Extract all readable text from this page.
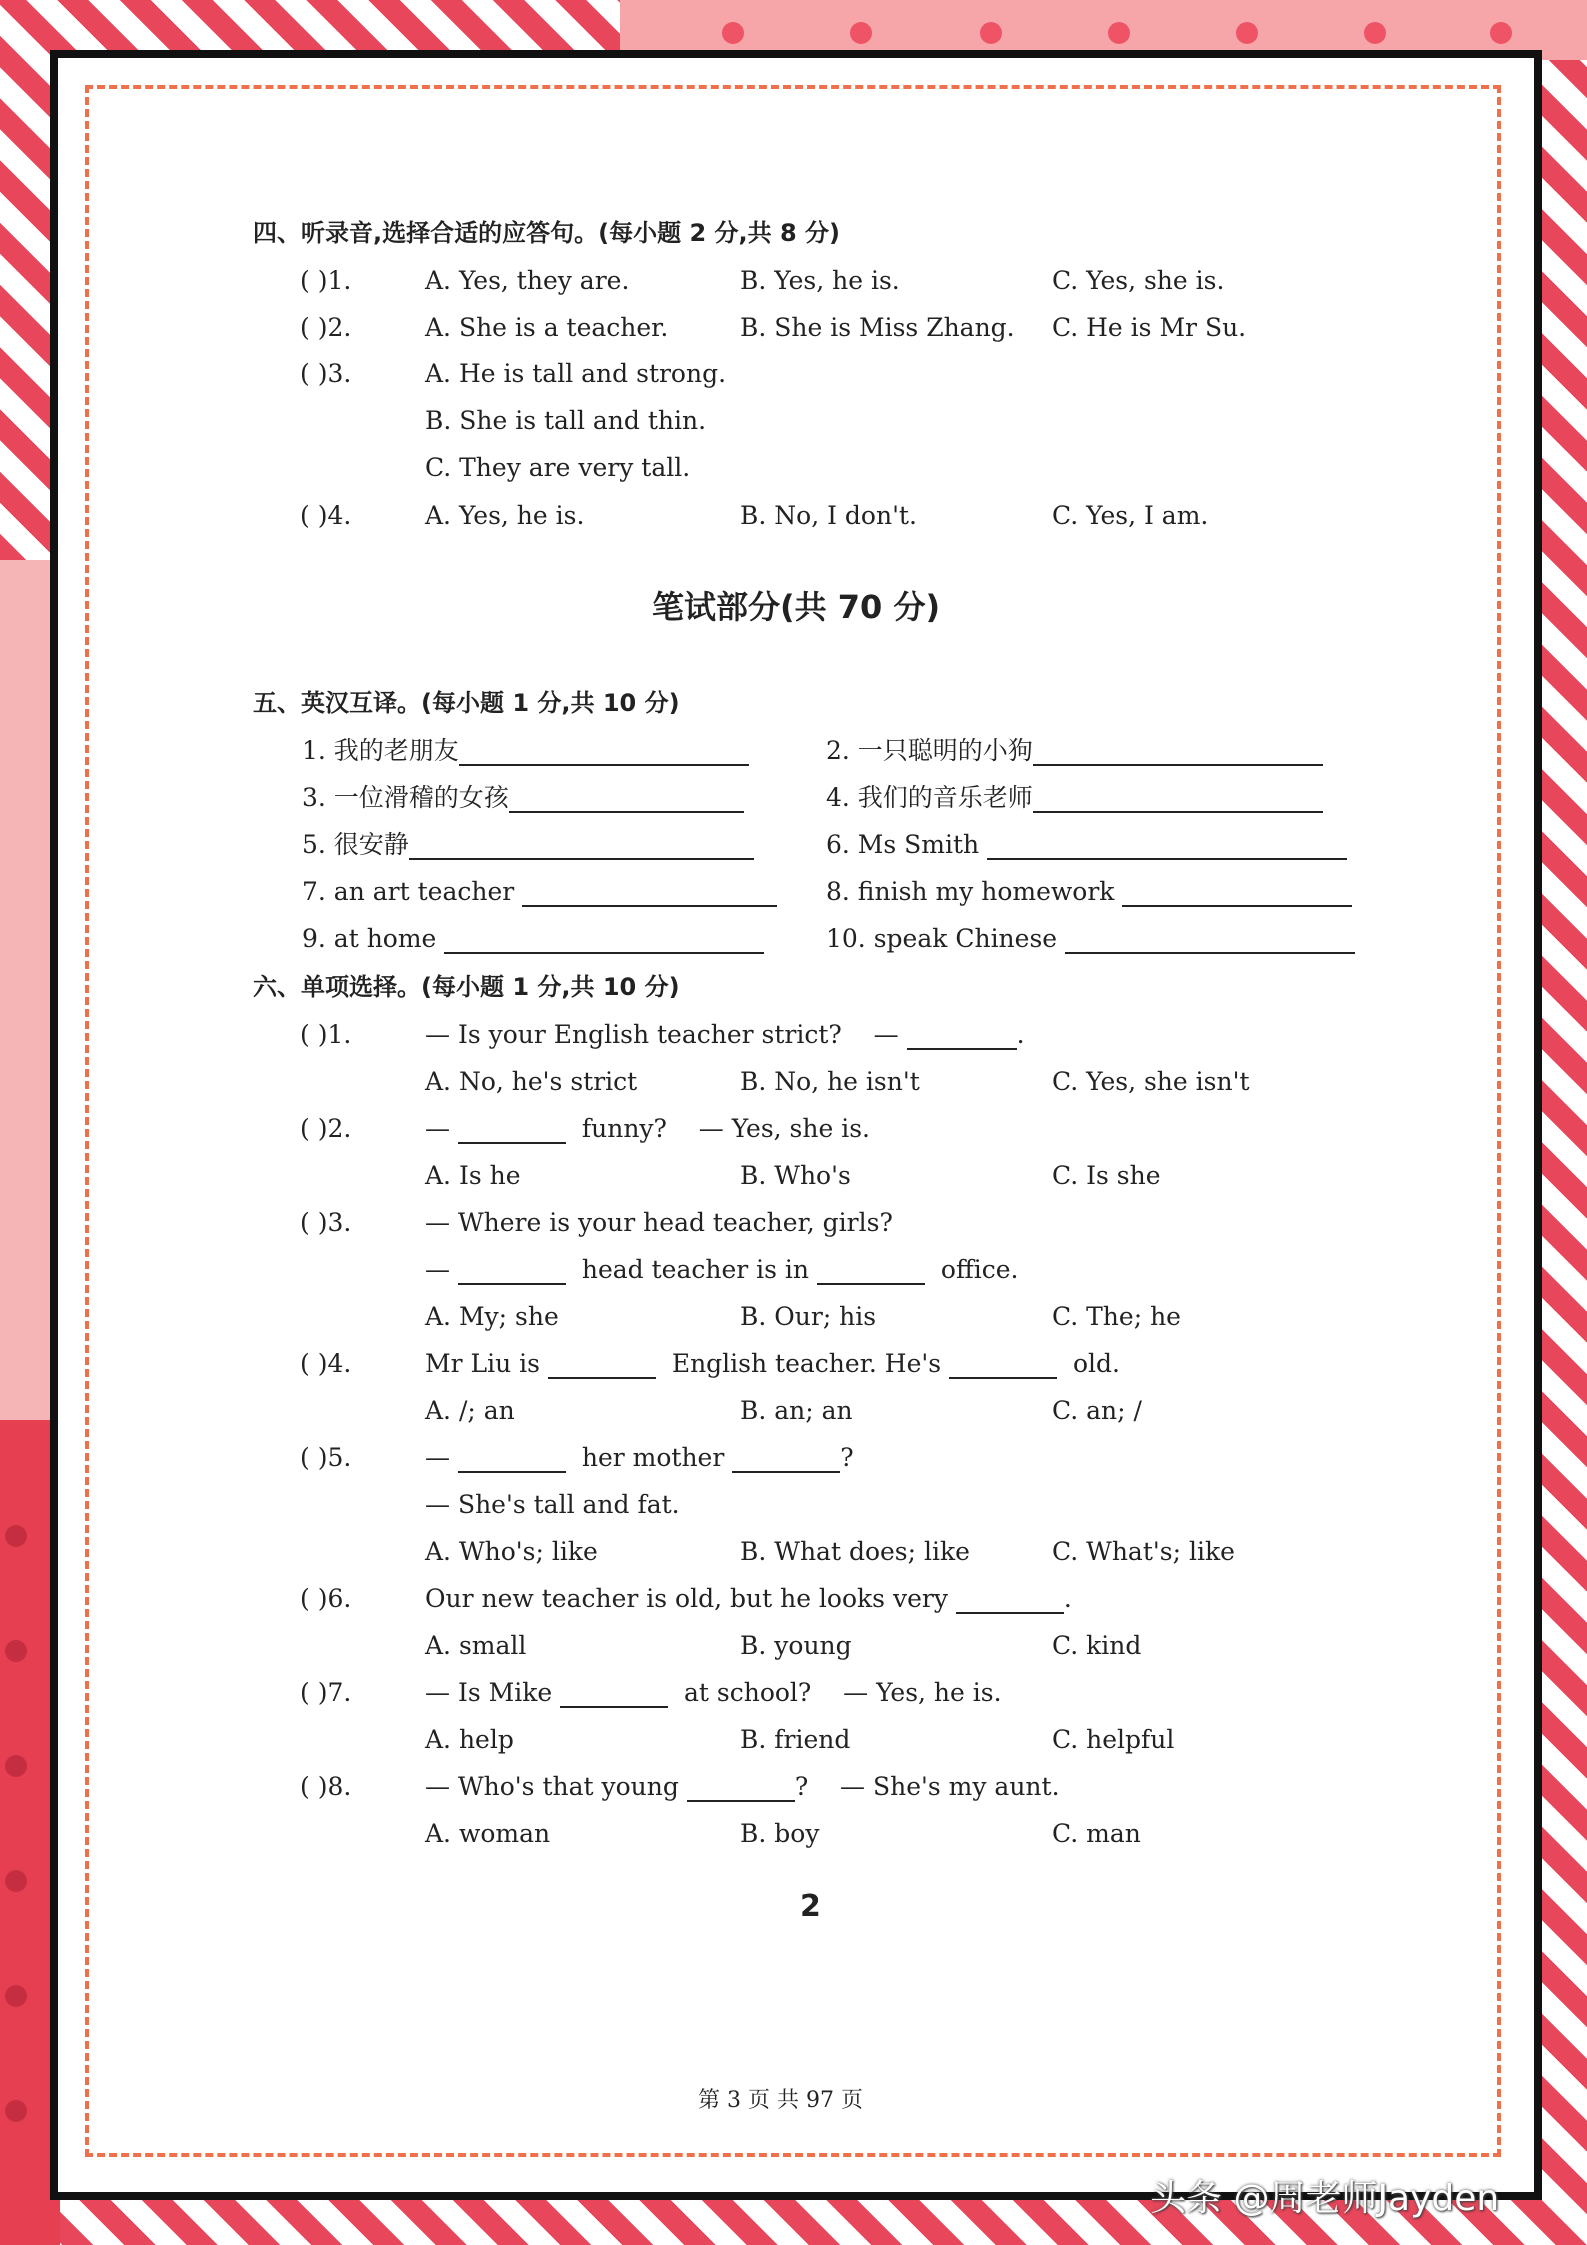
四、听录音,选择合适的应答句。(每小题 2 分,共 8 分)
( )1.	A. Yes, they are.	B. Yes, he is.	C. Yes, she is.
( )2.	A. She is a teacher.	B. She is Miss Zhang. C. He is Mr Su.
( )3.	A. He is tall and strong.
B. She is tall and thin.
C. They are very tall.
( )4.	A. Yes, he is.	B. No, I don't.	C. Yes, I am.
笔试部分(共 70 分)
五、英汉互译。(每小题 1 分,共 10 分)
1. 我的老朋友	2. 一只聪明的小狗
3. 一位滑稽的女孩	4. 我们的音乐老师
5. 很安静	6. Ms Smith
7. an art teacher	8. finish my homework
9. at home	10. speak Chinese
六、单项选择。(每小题 1 分,共 10 分)
( )1.	— Is your English teacher strict? —	.
A. No, he's strict	B. No, he isn't	C. Yes, she isn't
( )2.	—	funny? — Yes, she is.
A. Is he	B. Who's	C. Is she
( )3.	— Where is your head teacher, girls?
—	head teacher is in	office.
A. My; she	B. Our; his	C. The; he
( )4.	Mr Liu is	English teacher. He's	old.
A. /; an	B. an; an	C. an; /
( )5.	—	her mother	?
— She's tall and fat.
A. Who's; like	B. What does; like	C. What's; like
( )6.	Our new teacher is old, but he looks very	.
A. small	B. young	C. kind
( )7.	— Is Mike	at school? — Yes, he is.
A. help	B. friend	C. helpful
( )8.	— Who's that young	? — She's my aunt.
A. woman	B. boy	C. man
2
第 3 页 共 97 页
头条 @周老师Jayden
